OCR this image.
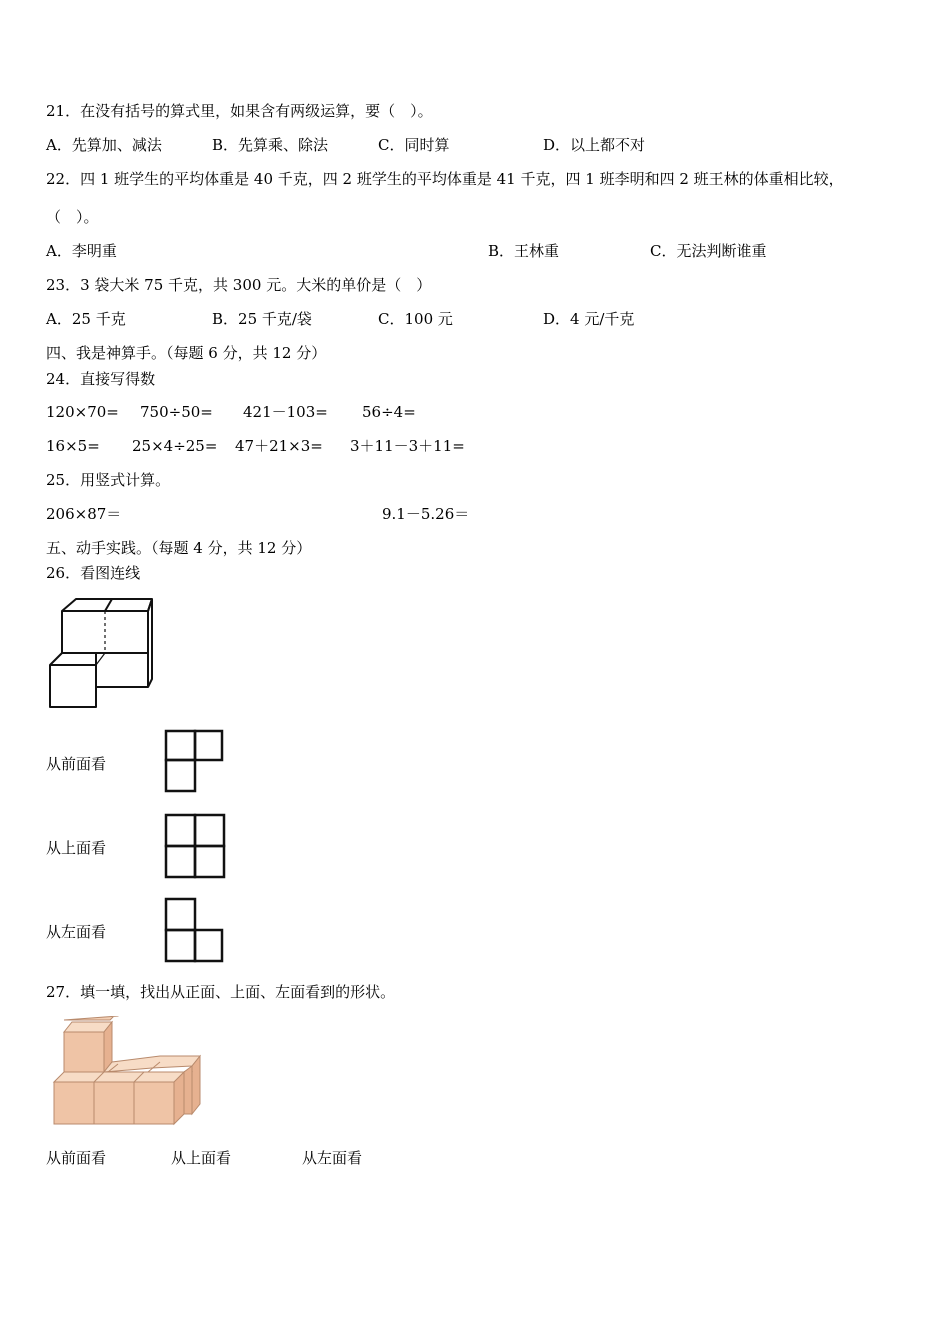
21．在没有括号的算式里，如果含有两级运算，要（　）。
A．先算加、减法	B．先算乘、除法	C．同时算	D．以上都不对
22．四 1 班学生的平均体重是 40 千克，四 2 班学生的平均体重是 41 千克，四 1 班李明和四 2 班王林的体重相比较，
（　）。
A．李明重	B．王林重	C．无法判断谁重
23．3 袋大米 75 千克，共 300 元。大米的单价是（　）
A．25 千克	B．25 千克/袋	C．100 元	D．4 元/千克
四、我是神算手。（每题 6 分，共 12 分）
24．直接写得数
120×70= 750÷50= 421－103= 56÷4=
16×5= 25×4÷25= 47＋21×3= 3＋11－3＋11=
25．用竖式计算。
206×87＝	9.1－5.26＝
五、动手实践。（每题 4 分，共 12 分）
26．看图连线
从前面看
从上面看
从左面看
27．填一填，找出从正面、上面、左面看到的形状。
从前面看	从上面看	从左面看
